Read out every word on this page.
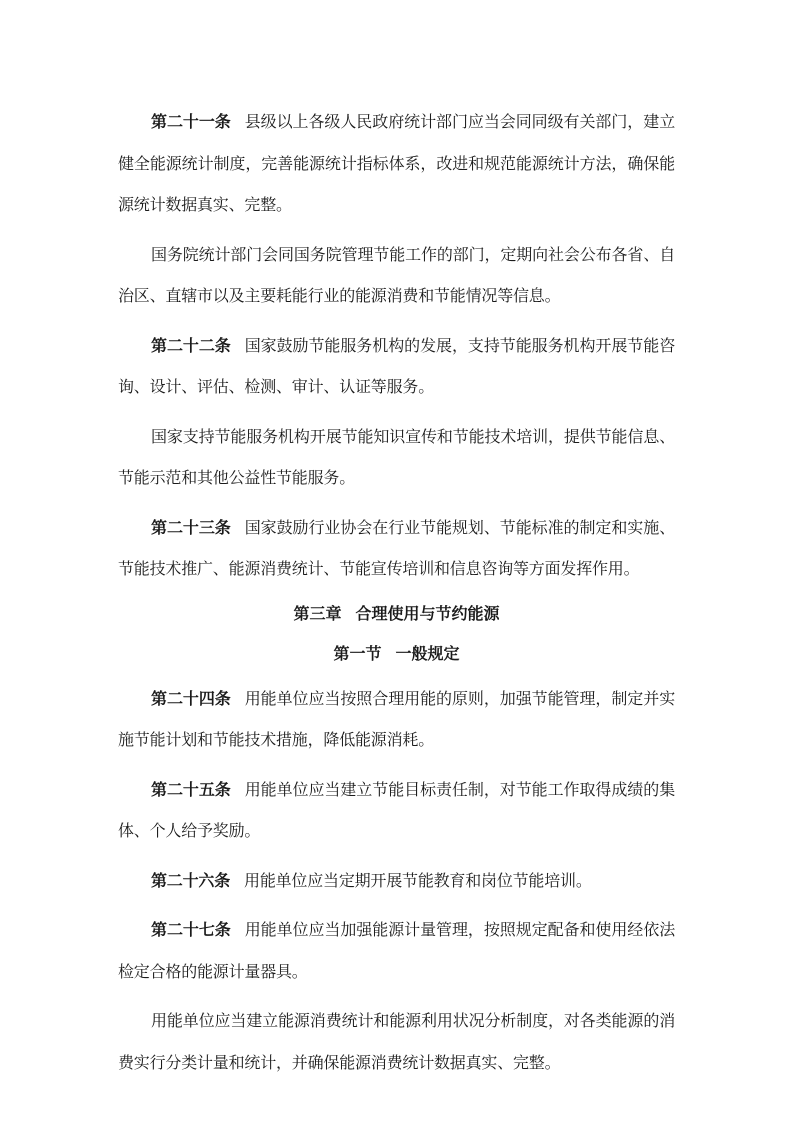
第二十一条 县级以上各级人民政府统计部门应当会同同级有关部门，建立健全能源统计制度，完善能源统计指标体系，改进和规范能源统计方法，确保能源统计数据真实、完整。

国务院统计部门会同国务院管理节能工作的部门，定期向社会公布各省、自治区、直辖市以及主要耗能行业的能源消费和节能情况等信息。

第二十二条 国家鼓励节能服务机构的发展，支持节能服务机构开展节能咨询、设计、评估、检测、审计、认证等服务。

国家支持节能服务机构开展节能知识宣传和节能技术培训，提供节能信息、节能示范和其他公益性节能服务。

第二十三条 国家鼓励行业协会在行业节能规划、节能标准的制定和实施、节能技术推广、能源消费统计、节能宣传培训和信息咨询等方面发挥作用。

第三章 合理使用与节约能源
第一节 一般规定

第二十四条 用能单位应当按照合理用能的原则，加强节能管理，制定并实施节能计划和节能技术措施，降低能源消耗。

第二十五条 用能单位应当建立节能目标责任制，对节能工作取得成绩的集体、个人给予奖励。

第二十六条 用能单位应当定期开展节能教育和岗位节能培训。

第二十七条 用能单位应当加强能源计量管理，按照规定配备和使用经依法检定合格的能源计量器具。

用能单位应当建立能源消费统计和能源利用状况分析制度，对各类能源的消费实行分类计量和统计，并确保能源消费统计数据真实、完整。
